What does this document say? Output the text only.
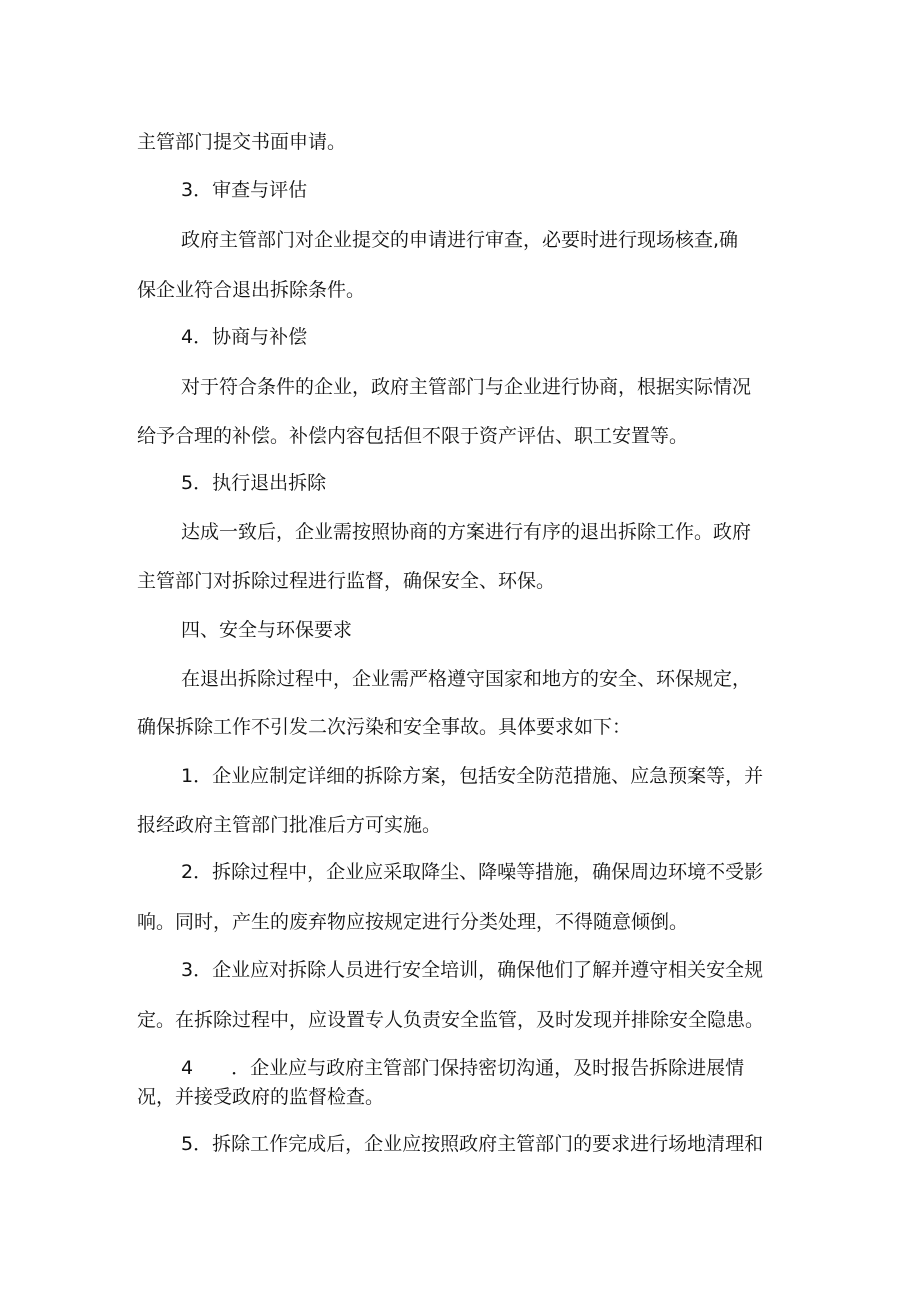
主管部门提交书面申请。
3．审查与评估
政府主管部门对企业提交的申请进行审查，必要时进行现场核查,确
保企业符合退出拆除条件。
4．协商与补偿
对于符合条件的企业，政府主管部门与企业进行协商，根据实际情况
给予合理的补偿。补偿内容包括但不限于资产评估、职工安置等。
5．执行退出拆除
达成一致后，企业需按照协商的方案进行有序的退出拆除工作。政府
主管部门对拆除过程进行监督，确保安全、环保。
四、安全与环保要求
在退出拆除过程中，企业需严格遵守国家和地方的安全、环保规定，
确保拆除工作不引发二次污染和安全事故。具体要求如下：
1．企业应制定详细的拆除方案，包括安全防范措施、应急预案等，并
报经政府主管部门批准后方可实施。
2．拆除过程中，企业应采取降尘、降噪等措施，确保周边环境不受影
响。同时，产生的废弃物应按规定进行分类处理，不得随意倾倒。
3．企业应对拆除人员进行安全培训，确保他们了解并遵守相关安全规
定。在拆除过程中，应设置专人负责安全监管，及时发现并排除安全隐患。
4　　．企业应与政府主管部门保持密切沟通，及时报告拆除进展情
况，并接受政府的监督检查。
5．拆除工作完成后，企业应按照政府主管部门的要求进行场地清理和
